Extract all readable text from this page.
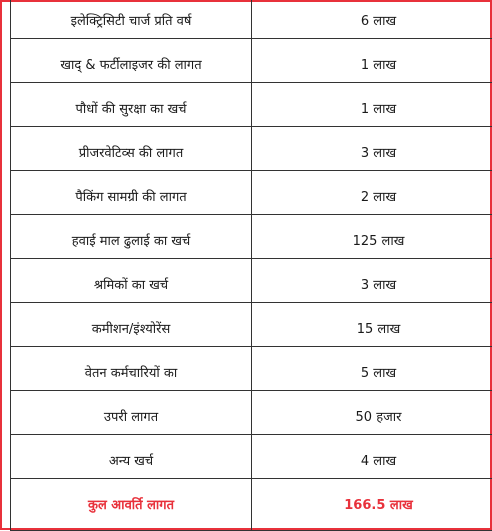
इलेक्ट्रिसिटी चार्ज प्रति वर्ष	6 लाख
खाद्‍ & फर्टीलाइजर की लागत	1 लाख
पौधों की सुरक्षा का खर्च	1 लाख
प्रीजरवेटिव्स की लागत	3 लाख
पैकिंग सामग्री की लागत	2 लाख
हवाई माल ढुलाई का खर्च	125 लाख
श्रमिकों का खर्च	3 लाख
कमीशन/इंश्योरेंस	15 लाख
वेतन कर्मचारियों का	5 लाख
उपरी लागत	50 हजार
अन्य खर्च	4 लाख
कुल आवर्ति लागत	166.5 लाख
